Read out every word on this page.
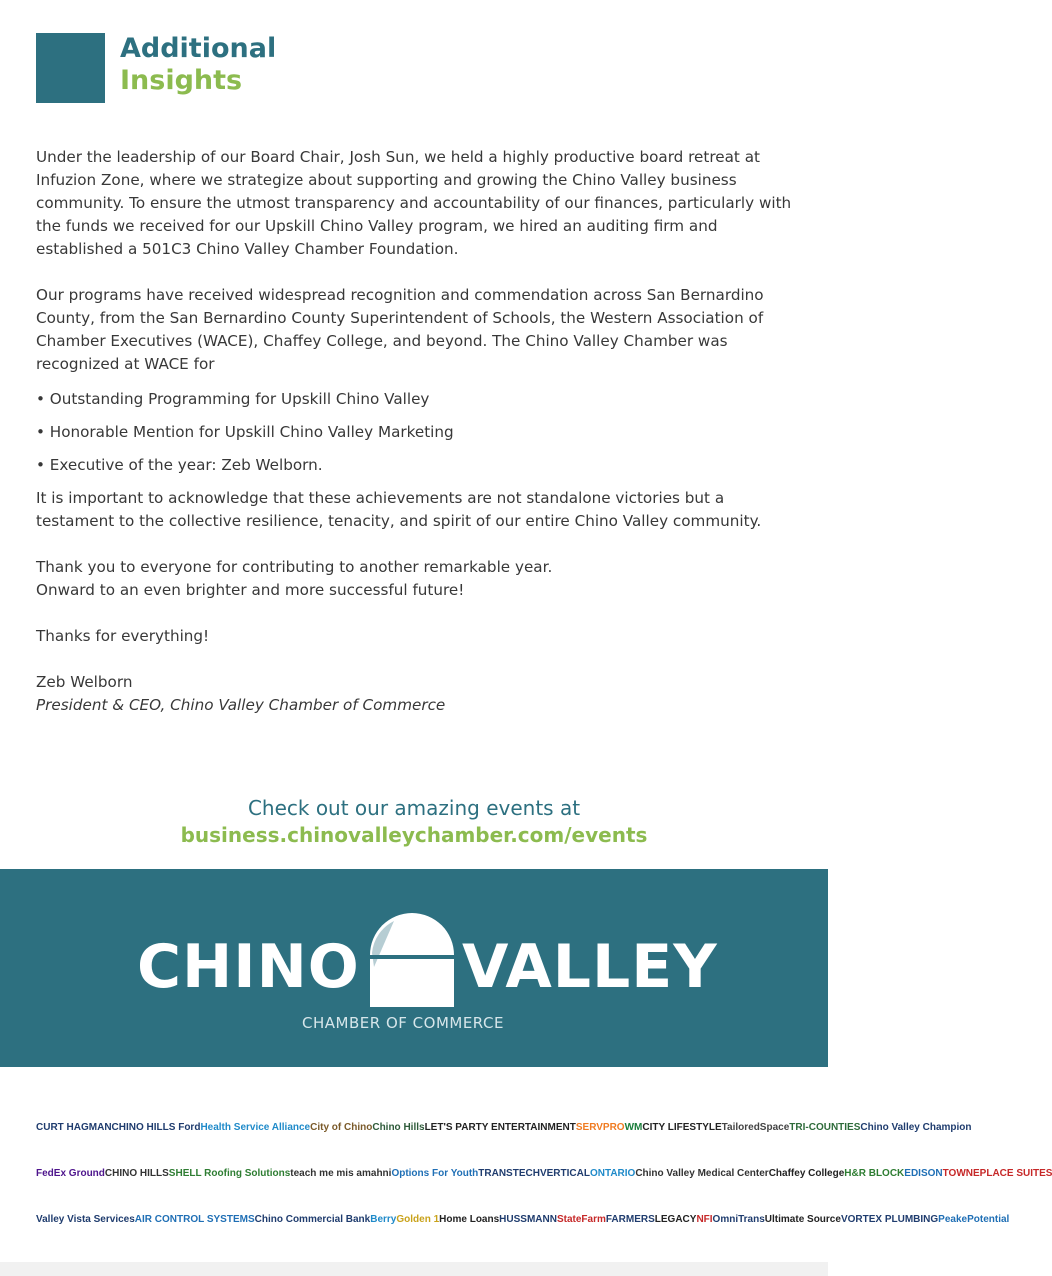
Additional
Insights

Under the leadership of our Board Chair, Josh Sun, we held a highly productive board retreat at Infuzion Zone, where we strategize about supporting and growing the Chino Valley business community. To ensure the utmost transparency and accountability of our finances, particularly with the funds we received for our Upskill Chino Valley program, we hired an auditing firm and established a 501C3 Chino Valley Chamber Foundation.

Our programs have received widespread recognition and commendation across San Bernardino County, from the San Bernardino County Superintendent of Schools, the Western Association of Chamber Executives (WACE), Chaffey College, and beyond. The Chino Valley Chamber was recognized at WACE for

• Outstanding Programming for Upskill Chino Valley
• Honorable Mention for Upskill Chino Valley Marketing
• Executive of the year: Zeb Welborn.

It is important to acknowledge that these achievements are not standalone victories but a testament to the collective resilience, tenacity, and spirit of our entire Chino Valley community.

Thank you to everyone for contributing to another remarkable year.
Onward to an even brighter and more successful future!

Thanks for everything!

Zeb Welborn
President & CEO, Chino Valley Chamber of Commerce

Check out our amazing events at
business.chinovalleychamber.com/events
CHINO VALLEY
CHAMBER OF COMMERCE
CURT HAGMAN CHINO HILLS Ford Health Service Alliance City of Chino Chino Hills LET'S PARTY ENTERTAINMENT SERVPRO WM CITY LIFESTYLE TailoredSpace TRI-COUNTIES Chino Valley Champion
FedEx Ground CHINO HILLS SHELL Roofing Solutions teach me mis amahni Options For Youth TRANSTECH VERTICAL ONTARIO Chino Valley Medical Center Chaffey College H&R BLOCK EDISON TOWNEPLACE SUITES
Valley Vista Services AIR CONTROL SYSTEMS Chino Commercial Bank Berry Golden 1 Home Loans HUSSMANN StateFarm FARMERS LEGACY NFI OmniTrans Ultimate Source VORTEX PLUMBING PeakePotential
